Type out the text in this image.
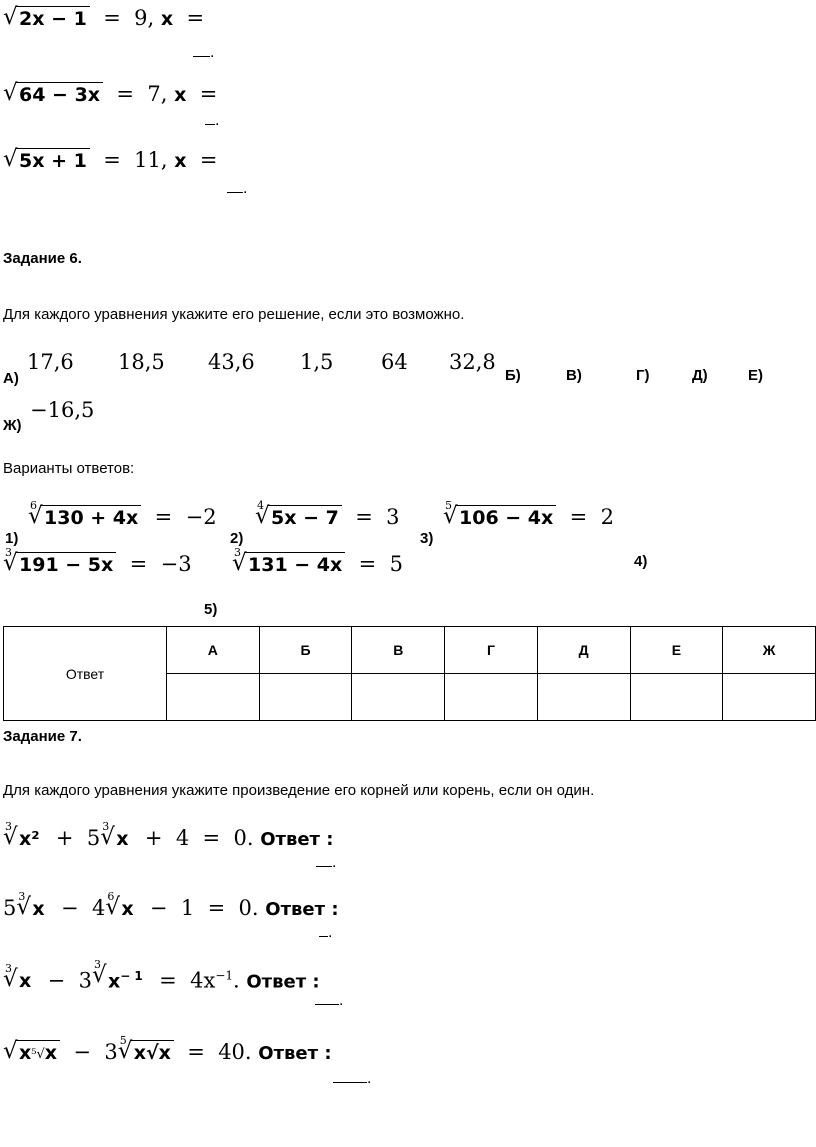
√ 2x − 1  =  9, x  =
.
√ 64 − 3x  =  7, x  =
.
√ 5x + 1  =  11, x  =
.
Задание 6.
Для каждого уравнения укажите его решение, если это возможно.
А)
17,6 18,5 43,6 1,5 64 32,8
Б)	В)	Г)	Д)	Е)
Ж)
−16,5
Варианты ответов:
√ 6
130 + 4x  =  −2	√ 4
5x − 7  =  3	√ 5
106 − 4x  =  2
1)	2)	3)
√ 3
191 − 5x  =  −3	√ 3
131 − 4x  =  5	4)
5)
Ответ	А	Б	В	Г	Д	Е	Ж

Задание 7.
Для каждого уравнения укажите произведение его корней или корень, если он один.
√ 3
x²  +  5 √ 3
x  +  4  =  0. Ответ :
.
5 √ 3
x  −  4 √ 6
x  −  1  =  0. Ответ :
.
√ 3
x  −  3
√ 3
$x^{- 1} = 4x^{-1}$. Ответ :
.
√ x⁵√x  −  3 √ 5
x√x  =  40. Ответ :
.
